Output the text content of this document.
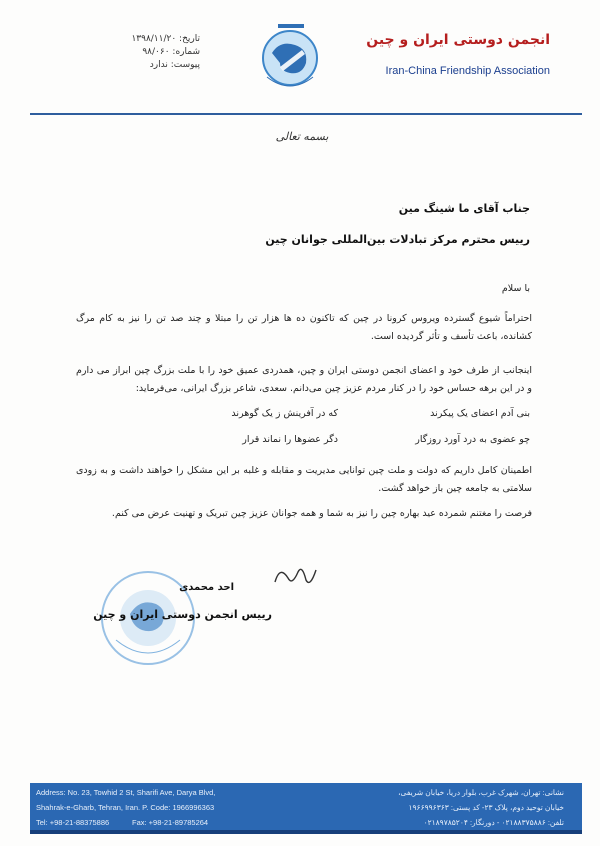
تاریخ: ۱۳۹۸/۱۱/۲۰
شماره: ۹۸/۰۶۰
پیوست: ندارد
انجمن دوستی ایران و چین
Iran-China Friendship Association
بسمه تعالی
جناب آقای ما شینگ مین
رییس محترم مرکز تبادلات بین‌المللی جوانان چین
با سلام
احتراماً شیوع گسترده ویروس کرونا در چین که تاکنون ده ها هزار تن را مبتلا و چند صد تن را نیز به کام مرگ کشانده، باعث تأسف و تأثر گردیده است.
اینجانب از طرف خود و اعضای انجمن دوستی ایران و چین، همدردی عمیق خود را با ملت بزرگ چین ابراز می دارم و در این برهه حساس خود را در کنار مردم عزیز چین می‌دانم. سعدی، شاعر بزرگ ایرانی، می‌فرماید:
بنی آدم اعضای یک پیکرند
که در آفرینش ز یک گوهرند
چو عضوی به درد آورد روزگار
دگر عضوها را نماند قرار
اطمینان کامل داریم که دولت و ملت چین توانایی مدیریت و مقابله و غلبه بر این مشکل را خواهند داشت و به زودی سلامتی به جامعه چین باز خواهد گشت.
فرصت را مغتنم شمرده عید بهاره چین را نیز به شما و همه جوانان عزیز چین تبریک و تهنیت عرض می کنم.
احد محمدی
رییس انجمن دوستی ایران و چین
Address: No. 23, Towhid 2 St, Sharifi Ave, Darya Blvd,
Shahrak-e-Gharb, Tehran, Iran. P. Code: 1966996363
Tel: +98-21-88375886	Fax: +98-21-89785264
نشانی: تهران، شهرک غرب، بلوار دریا، خیابان شریفی،
خیابان توحید دوم، پلاک ۲۳- کد پستی: ۱۹۶۶۹۹۶۳۶۳
تلفن: ۰۲۱۸۸۳۷۵۸۸۶ - دورنگار: ۰۲۱۸۹۷۸۵۲۰۴
